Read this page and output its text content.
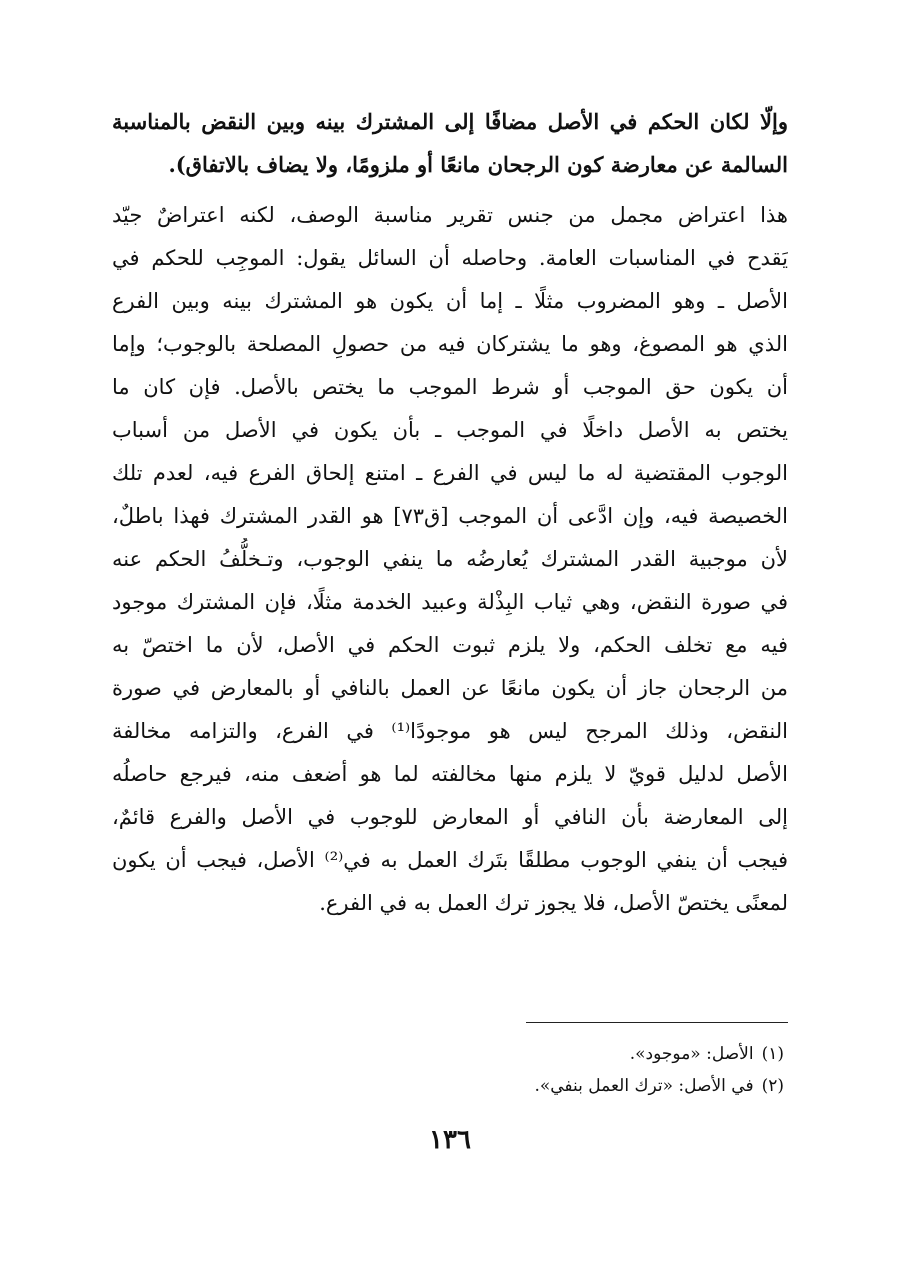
وإلّا لكان الحكم في الأصل مضافًا إلى المشترك بينه وبين النقض بالمناسبة
السالمة عن معارضة كون الرجحان مانعًا أو ملزومًا، ولا يضاف بالاتفاق).
هذا اعتراض مجمل من جنس تقرير مناسبة الوصف، لكنه اعتراضٌ جيّد
يَقدح في المناسبات العامة. وحاصله أن السائل يقول: الموجِب للحكم في
الأصل ـ وهو المضروب مثلًا ـ إما أن يكون هو المشترك بينه وبين الفرع
الذي هو المصوغ، وهو ما يشتركان فيه من حصولِ المصلحة بالوجوب؛ وإما
أن يكون حق الموجب أو شرط الموجب ما يختص بالأصل. فإن كان ما
يختص به الأصل داخلًا في الموجب ـ بأن يكون في الأصل من أسباب
الوجوب المقتضية له ما ليس في الفرع ـ امتنع إلحاق الفرع فيه، لعدم تلك
الخصيصة فيه، وإن ادَّعى أن الموجب [ق٧٣] هو القدر المشترك فهذا باطلٌ،
لأن موجبية القدر المشترك يُعارضُه ما ينفي الوجوب، وتـخلُّفُ الحكم عنه
في صورة النقض، وهي ثياب البِذْلة وعبيد الخدمة مثلًا، فإن المشترك موجود
فيه مع تخلف الحكم، ولا يلزم ثبوت الحكم في الأصل، لأن ما اختصّ به
من الرجحان جاز أن يكون مانعًا عن العمل بالنافي أو بالمعارض في صورة
النقض، وذلك المرجح ليس هو موجودًا⁽¹⁾ في الفرع، والتزامه مخالفة
الأصل لدليل قويّ لا يلزم منها مخالفته لما هو أضعف منه، فيرجع حاصلُه
إلى المعارضة بأن النافي أو المعارض للوجوب في الأصل والفرع قائمٌ،
فيجب أن ينفي الوجوب مطلقًا بتَرك العمل به في⁽²⁾ الأصل، فيجب أن يكون
لمعنًى يختصّ الأصل، فلا يجوز ترك العمل به في الفرع.
(١)الأصل: «موجود».
(٢)في الأصل: «ترك العمل بنفي».
١٣٦
